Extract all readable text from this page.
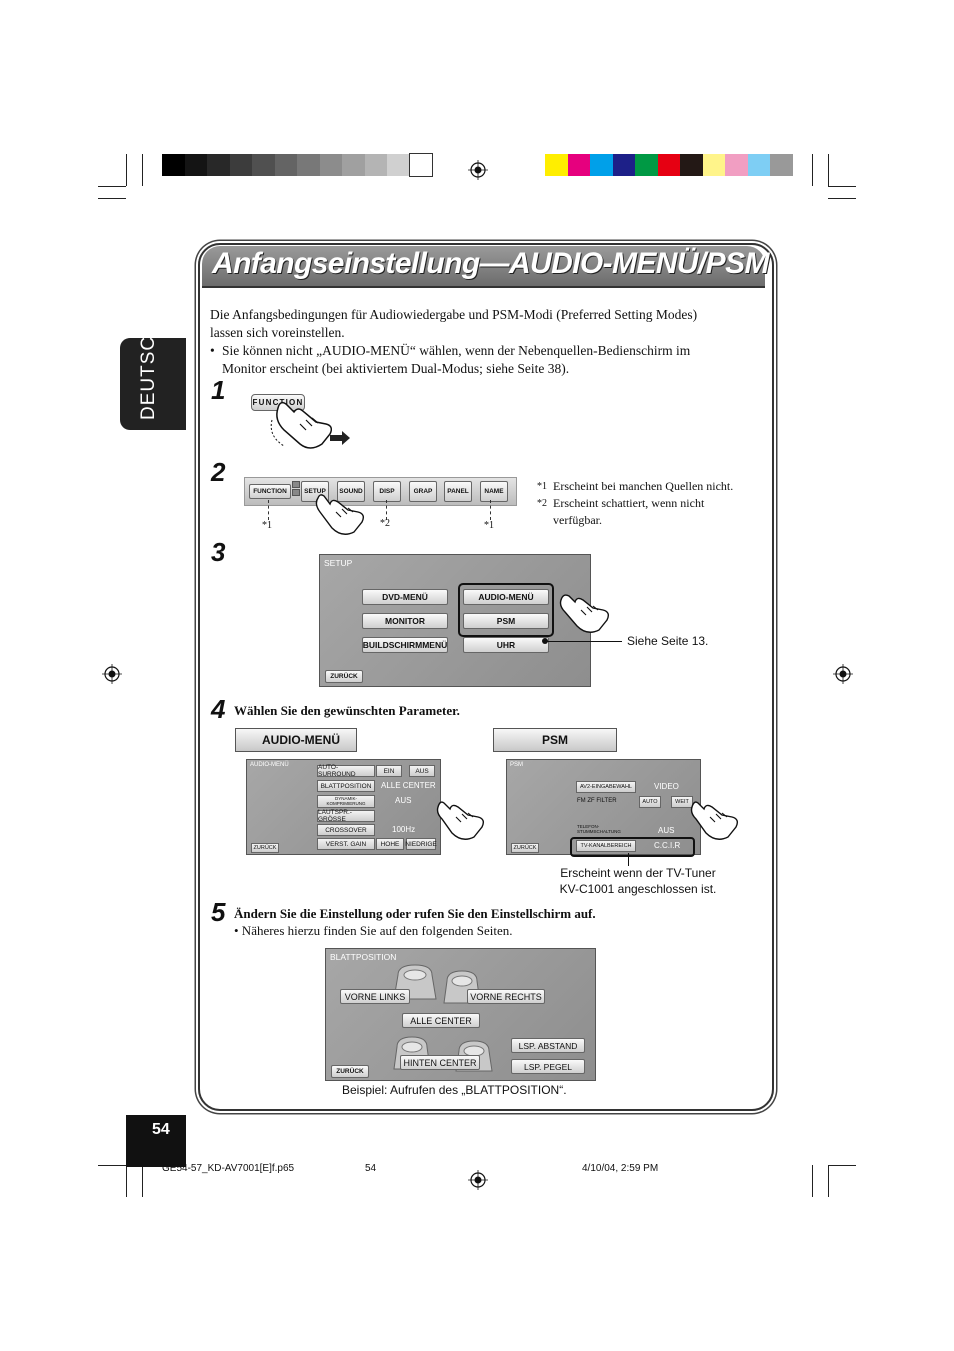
Anfangseinstellung—AUDIO-MENÜ/PSM
DEUTSCH
Die Anfangsbedingungen für Audiowiedergabe und PSM-Modi (Preferred Setting Modes)
lassen sich voreinstellen.
• Sie können nicht „AUDIO-MENÜ“ wählen, wenn der Nebenquellen-Bedienschirm im
Monitor erscheint (bei aktiviertem Dual-Modus; siehe Seite 38).
1	FUNCTION
2
FUNCTION	SETUP	SOUND	DISP	GRAP	PANEL	NAME
*1	*2	*1
*1 Erscheint bei manchen Quellen nicht.
*2 Erscheint schattiert, wenn nicht
verfügbar.
3	SETUP
DVD-MENÜ
MONITOR
BUILDSCHIRMMENÜ
AUDIO-MENÜ
PSM
UHR
ZURÜCK
Siehe Seite 13.
4 Wählen Sie den gewünschten Parameter.
AUDIO-MENÜ	PSM
AUDIO-MENÜ	AUTO-SURROUND	EIN	AUS
BLATTPOSITION	ALLE CENTER
DYNAMIK-KOMPRIMIERUNG	AUS
LAUTSPR.-GRÖSSE
CROSSOVER	100Hz
VERST. GAIN	HOHE NIEDRIGE
ZURÜCK
PSM
AV2-EINGABEWAHL	VIDEO
FM ZF FILTER	AUTO	WEIT
TELEFON-STUMMSCHALTUNG	AUS
TV-KANALBEREICH	C.C.I.R
ZURÜCK
Erscheint wenn der TV-Tuner
KV-C1001 angeschlossen ist.
5 Ändern Sie die Einstellung oder rufen Sie den Einstellschirm auf.
• Näheres hierzu finden Sie auf den folgenden Seiten.
BLATTPOSITION
VORNE LINKS	VORNE RECHTS
ALLE CENTER
HINTEN CENTER
LSP. ABSTAND
LSP. PEGEL
ZURÜCK
Beispiel: Aufrufen des „BLATTPOSITION“.
54
GE54-57_KD-AV7001[E]f.p65	54	4/10/04, 2:59 PM
